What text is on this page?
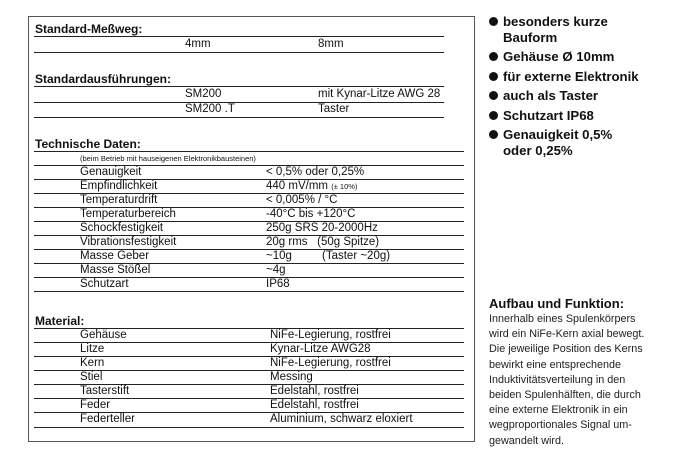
Standard-Meßweg:
4mm	8mm
Standardausführungen:
SM200	mit Kynar-Litze AWG 28
SM200 .T	Taster
Technische Daten:
(beim Betrieb mit hauseigenen Elektronikbausteinen)
Genauigkeit	< 0,5% oder 0,25%
Empfindlichkeit	440 mV/mm (± 10%)
Temperaturdrift	< 0,005% / °C
Temperaturbereich	-40°C bis +120°C
Schockfestigkeit	250g SRS 20-2000Hz
Vibrationsfestigkeit	20g rms   (50g Spitze)
Masse Geber	~10g	(Taster ~20g)
Masse Stößel	~4g
Schutzart	IP68
Material:
Gehäuse	NiFe-Legierung, rostfrei
Litze	Kynar-Litze AWG28
Kern	NiFe-Legierung, rostfrei
Stiel	Messing
Tasterstift	Edelstahl, rostfrei
Feder	Edelstahl, rostfrei
Federteller	Aluminium, schwarz eloxiert
besonders kurze
Bauform
Gehäuse Ø 10mm
für externe Elektronik
auch als Taster
Schutzart IP68
Genauigkeit 0,5%
oder 0,25%
Aufbau und Funktion:
Innerhalb eines Spulenkörpers
wird ein NiFe-Kern axial bewegt.
Die jeweilige Position des Kerns
bewirkt eine entsprechende
Induktivitätsverteilung in den
beiden Spulenhälften, die durch
eine externe Elektronik in ein
wegproportionales Signal um-
gewandelt wird.
